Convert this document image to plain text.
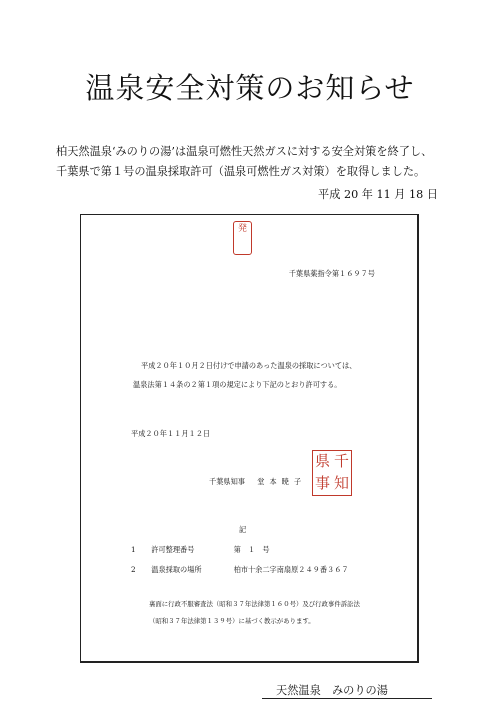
温泉安全対策のお知らせ
柏天然温泉‘みのりの湯’は温泉可燃性天然ガスに対する安全対策を終了し、
千葉県で第１号の温泉採取許可（温泉可燃性ガス対策）を取得しました。
平成 20 年 11 月 18 日
発
千葉県薬指令第１６９７号
平成２０年１０月２日付けで申請のあった温泉の採取については、
温泉法第１４条の２第１項の規定により下記のとおり許可する。
平成２０年１１月１２日
千葉県知事 堂本暁子
県 千
事 知
記
1 許可整理番号	第　１　号
2 温泉採取の場所	柏市十余二字南扇原２４９番３６７
裏面に行政不服審査法（昭和３７年法律第１６０号）及び行政事件訴訟法
（昭和３７年法律第１３９号）に基づく教示があります。
天然温泉　みのりの湯
